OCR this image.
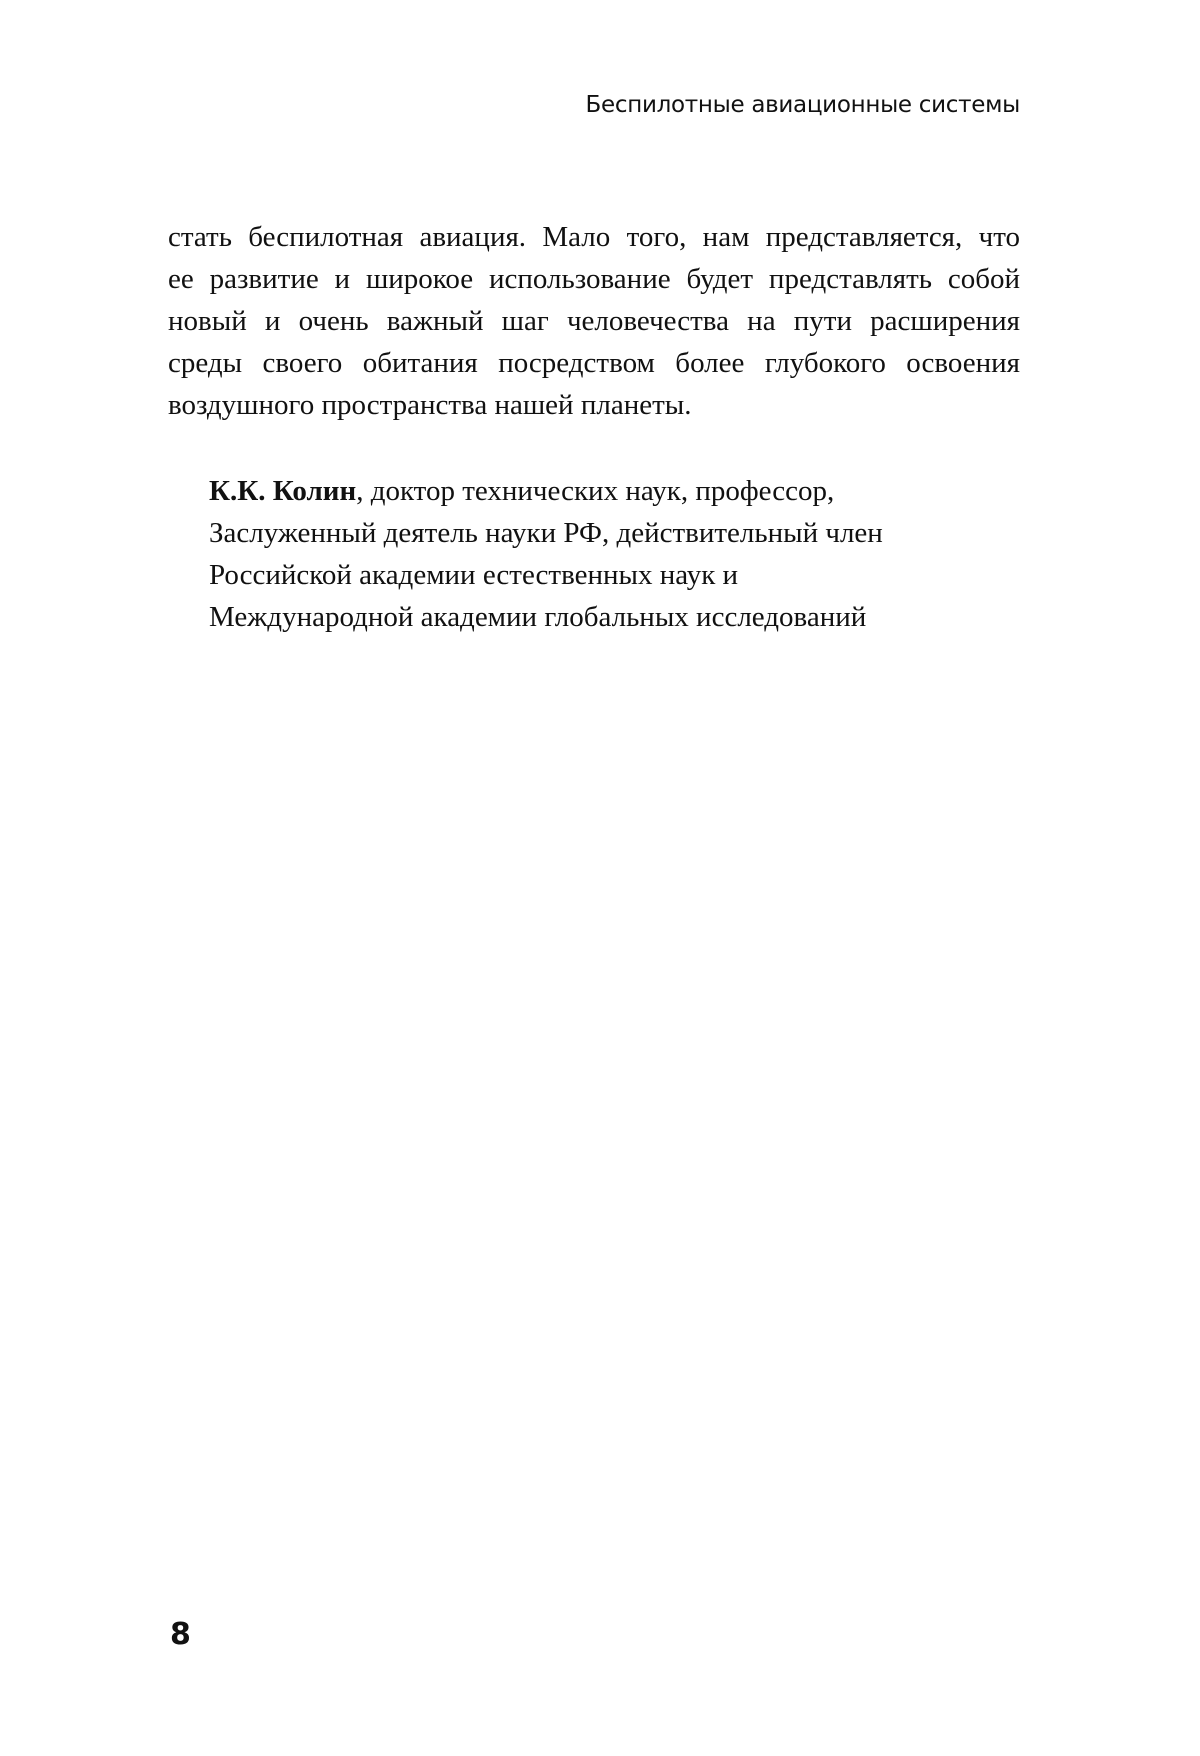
Беспилотные авиационные системы
стать беспилотная авиация. Мало того, нам представляется, что
ее развитие и широкое использование будет представлять собой
новый и очень важный шаг человечества на пути расширения
среды своего обитания посредством более глубокого освоения
воздушного пространства нашей планеты.
К.К. Колин, доктор технических наук, профессор,
Заслуженный деятель науки РФ, действительный член
Российской академии естественных наук и
Международной академии глобальных исследований
8
